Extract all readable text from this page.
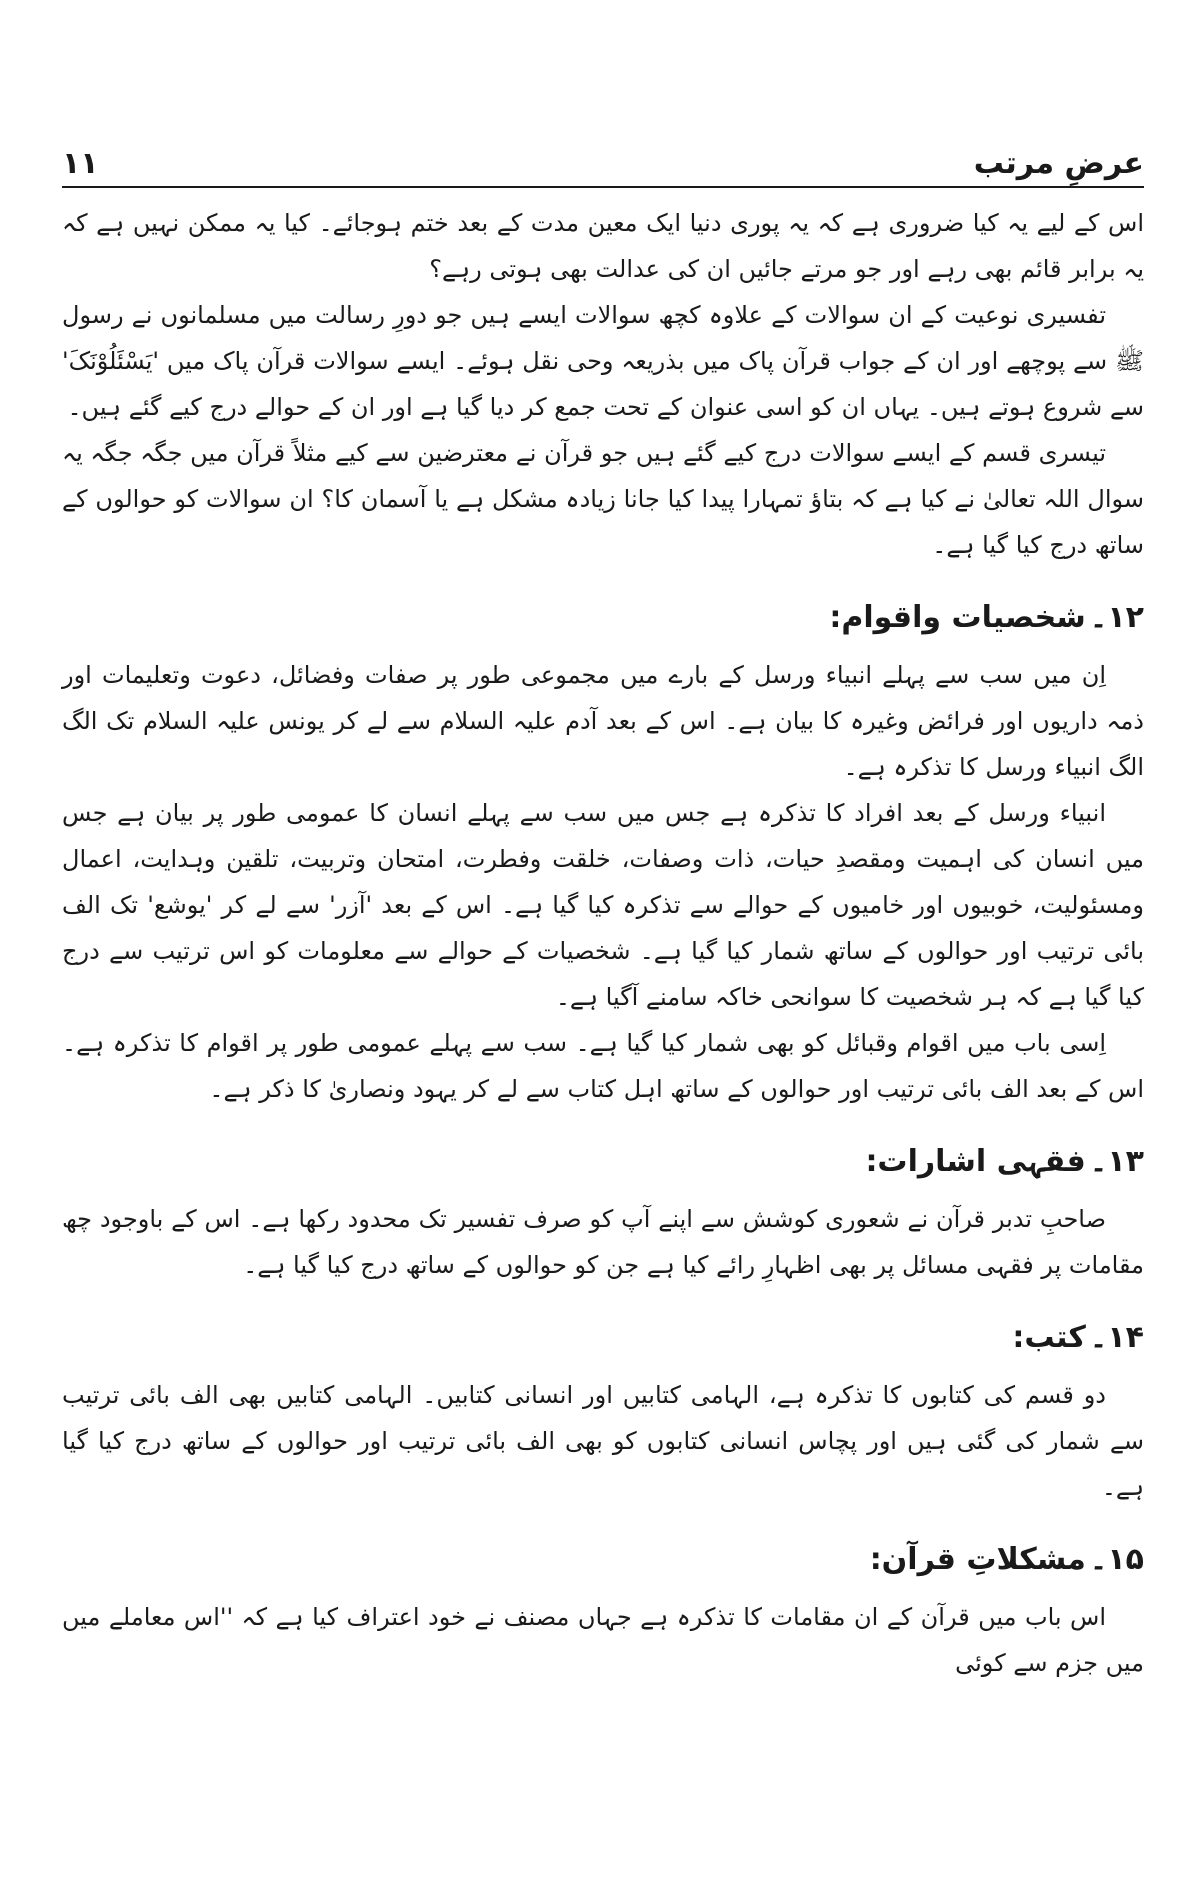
عرضِ مرتب
۱۱

اس کے لیے یہ کیا ضروری ہے کہ یہ پوری دنیا ایک معین مدت کے بعد ختم ہوجائے۔ کیا یہ ممکن نہیں ہے کہ یہ برابر قائم بھی رہے اور جو مرتے جائیں ان کی عدالت بھی ہوتی رہے؟

تفسیری نوعیت کے ان سوالات کے علاوہ کچھ سوالات ایسے ہیں جو دورِ رسالت میں مسلمانوں نے رسول ﷺ سے پوچھے اور ان کے جواب قرآن پاک میں بذریعہ وحی نقل ہوئے۔ ایسے سوالات قرآن پاک میں 'یَسْئَلُوْنَکَ' سے شروع ہوتے ہیں۔ یہاں ان کو اسی عنوان کے تحت جمع کر دیا گیا ہے اور ان کے حوالے درج کیے گئے ہیں۔

تیسری قسم کے ایسے سوالات درج کیے گئے ہیں جو قرآن نے معترضین سے کیے مثلاً قرآن میں جگہ جگہ یہ سوال اللہ تعالیٰ نے کیا ہے کہ بتاؤ تمہارا پیدا کیا جانا زیادہ مشکل ہے یا آسمان کا؟ ان سوالات کو حوالوں کے ساتھ درج کیا گیا ہے۔

۱۲۔شخصیات واقوام:

اِن میں سب سے پہلے انبیاء ورسل کے بارے میں مجموعی طور پر صفات وفضائل، دعوت وتعلیمات اور ذمہ داریوں اور فرائض وغیرہ کا بیان ہے۔ اس کے بعد آدم علیہ السلام سے لے کر یونس علیہ السلام تک الگ الگ انبیاء ورسل کا تذکرہ ہے۔

انبیاء ورسل کے بعد افراد کا تذکرہ ہے جس میں سب سے پہلے انسان کا عمومی طور پر بیان ہے جس میں انسان کی اہمیت ومقصدِ حیات، ذات وصفات، خلقت وفطرت، امتحان وتربیت، تلقین وہدایت، اعمال ومسئولیت، خوبیوں اور خامیوں کے حوالے سے تذکرہ کیا گیا ہے۔ اس کے بعد 'آزر' سے لے کر 'یوشع' تک الف بائی ترتیب اور حوالوں کے ساتھ شمار کیا گیا ہے۔ شخصیات کے حوالے سے معلومات کو اس ترتیب سے درج کیا گیا ہے کہ ہر شخصیت کا سوانحی خاکہ سامنے آگیا ہے۔

اِسی باب میں اقوام وقبائل کو بھی شمار کیا گیا ہے۔ سب سے پہلے عمومی طور پر اقوام کا تذکرہ ہے۔ اس کے بعد الف بائی ترتیب اور حوالوں کے ساتھ اہل کتاب سے لے کر یہود ونصاریٰ کا ذکر ہے۔

۱۳۔فقہی اشارات:

صاحبِ تدبر قرآن نے شعوری کوشش سے اپنے آپ کو صرف تفسیر تک محدود رکھا ہے۔ اس کے باوجود چھ مقامات پر فقہی مسائل پر بھی اظہارِ رائے کیا ہے جن کو حوالوں کے ساتھ درج کیا گیا ہے۔

۱۴۔کتب:

دو قسم کی کتابوں کا تذکرہ ہے، الہامی کتابیں اور انسانی کتابیں۔ الہامی کتابیں بھی الف بائی ترتیب سے شمار کی گئی ہیں اور پچاس انسانی کتابوں کو بھی الف بائی ترتیب اور حوالوں کے ساتھ درج کیا گیا ہے۔

۱۵۔مشکلاتِ قرآن:

اس باب میں قرآن کے ان مقامات کا تذکرہ ہے جہاں مصنف نے خود اعتراف کیا ہے کہ ''اس معاملے میں میں جزم سے کوئی
